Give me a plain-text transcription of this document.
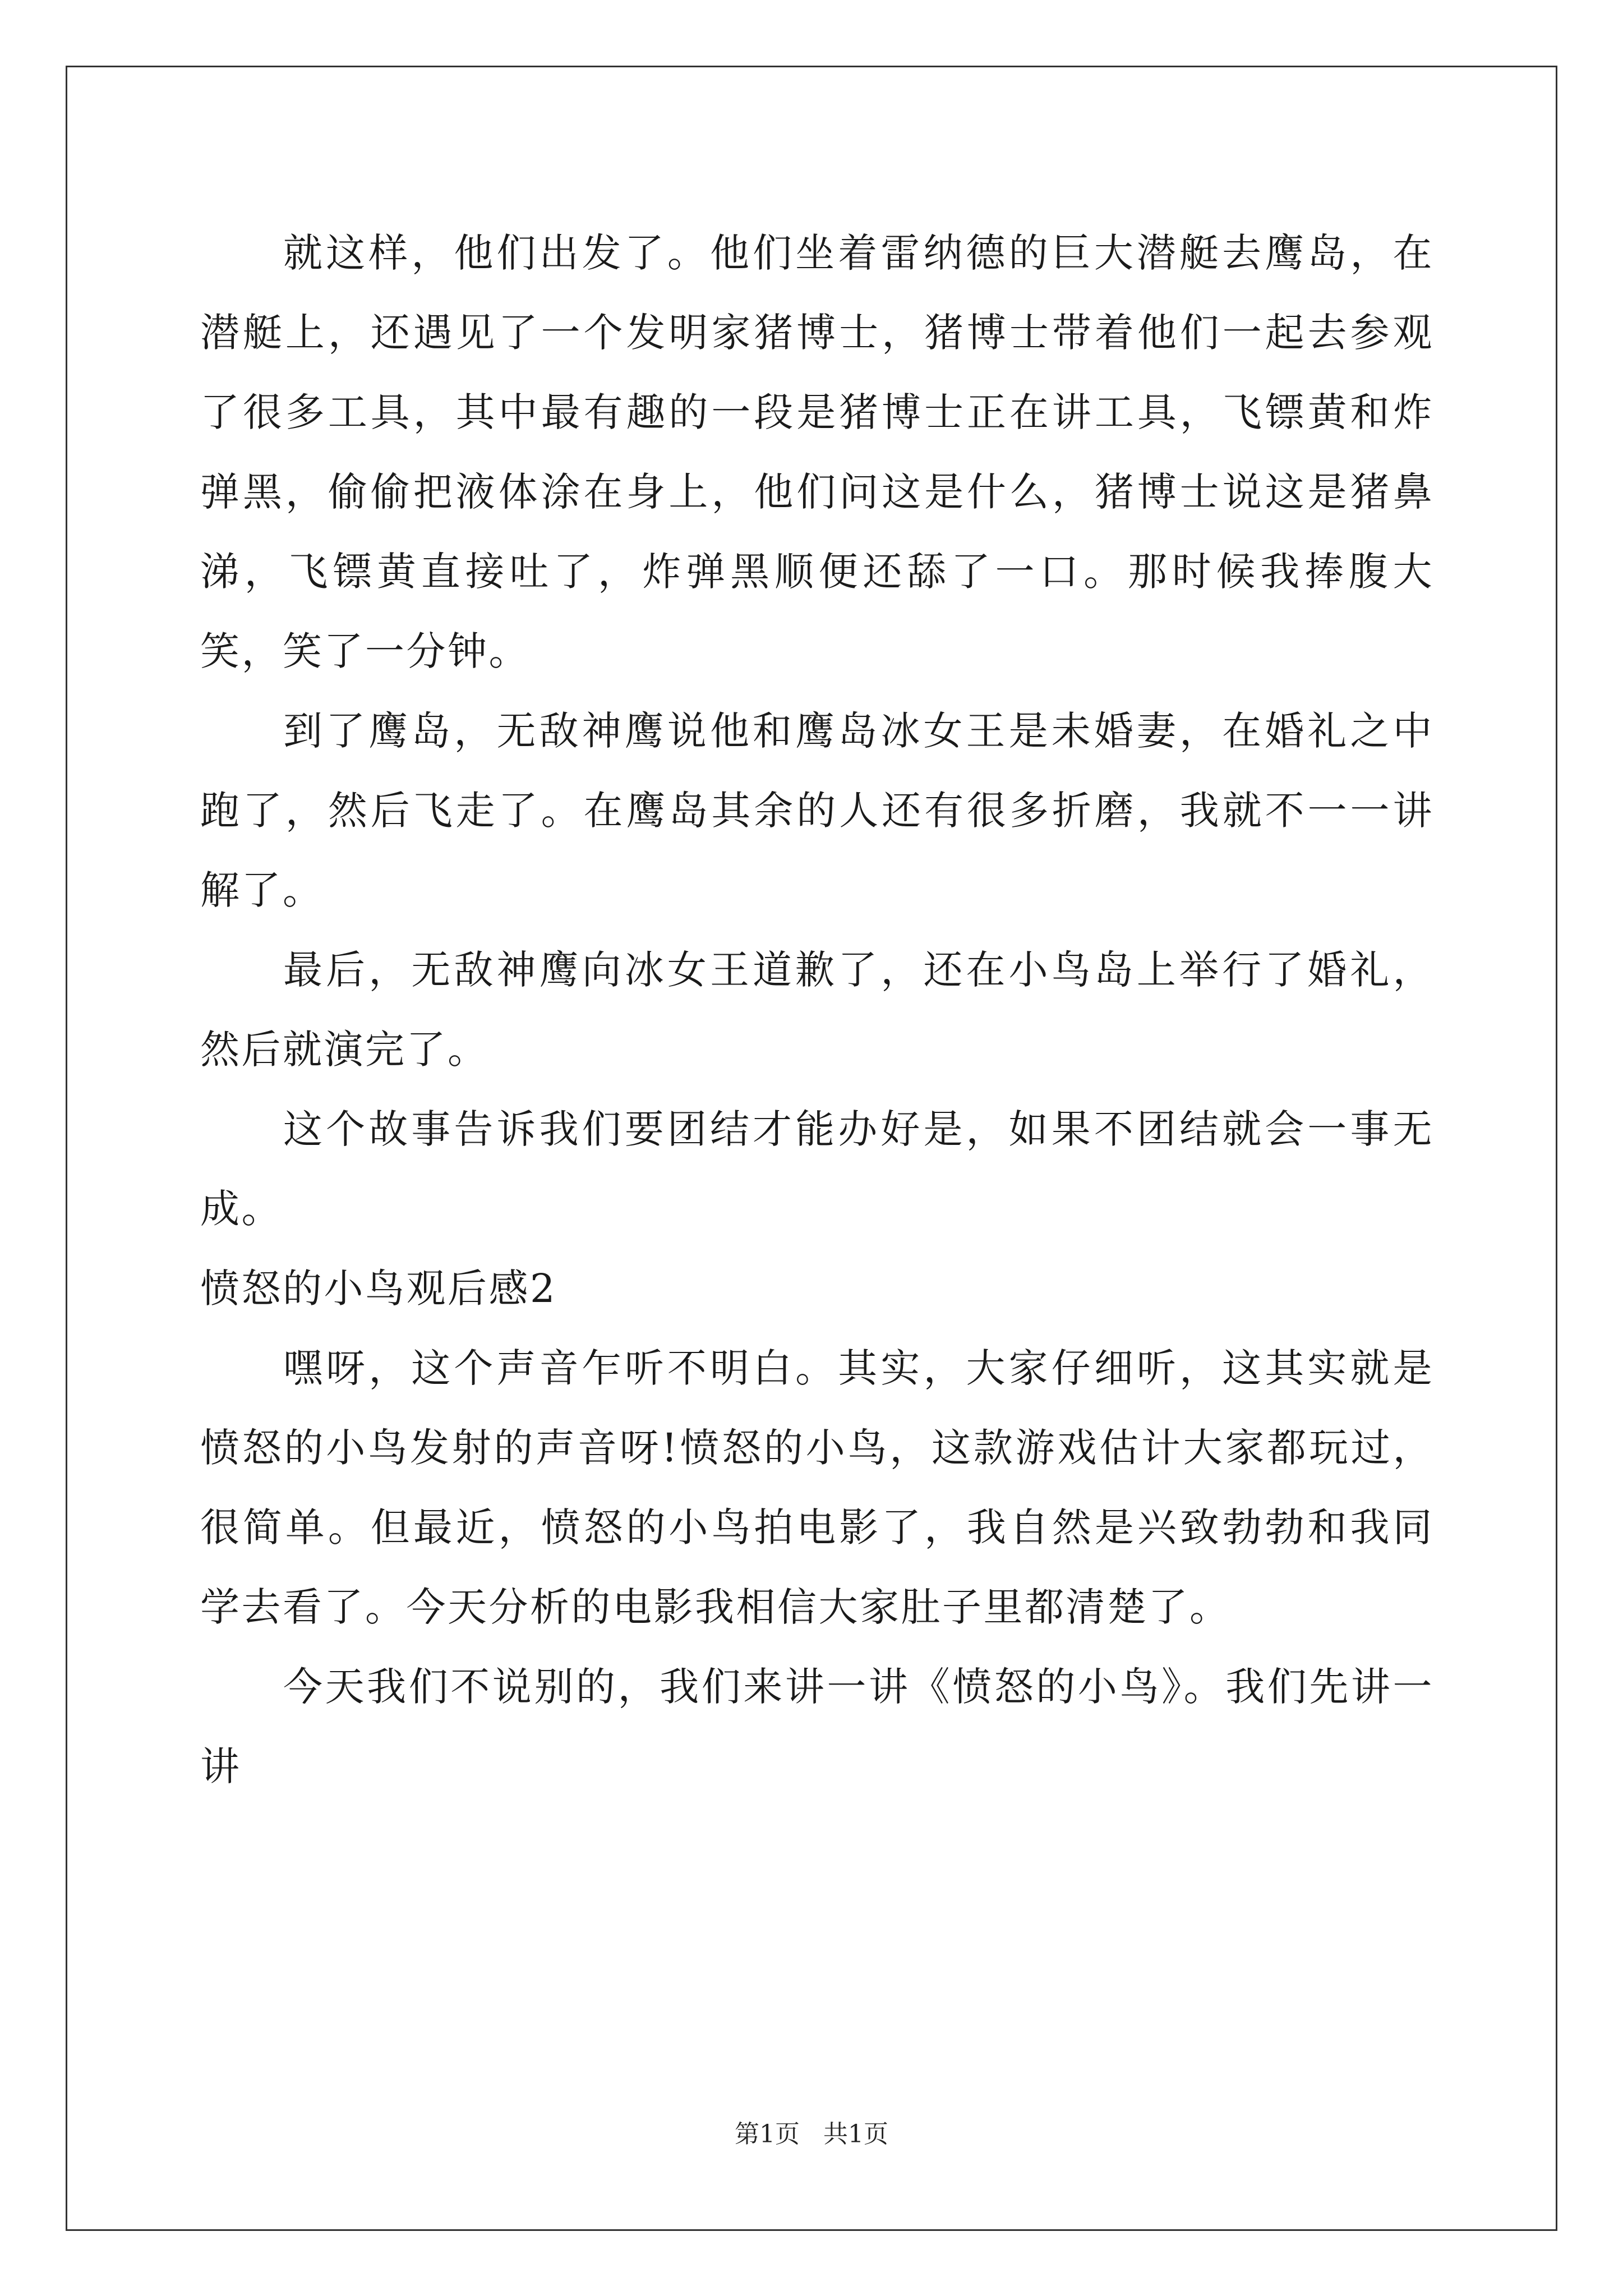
就这样，他们出发了。他们坐着雷纳德的巨大潜艇去鹰岛，在潜艇上，还遇见了一个发明家猪博士，猪博士带着他们一起去参观了很多工具，其中最有趣的一段是猪博士正在讲工具，飞镖黄和炸弹黑，偷偷把液体涂在身上，他们问这是什么，猪博士说这是猪鼻涕，飞镖黄直接吐了，炸弹黑顺便还舔了一口。那时候我捧腹大笑，笑了一分钟。

到了鹰岛，无敌神鹰说他和鹰岛冰女王是未婚妻，在婚礼之中跑了，然后飞走了。在鹰岛其余的人还有很多折磨，我就不一一讲解了。

最后，无敌神鹰向冰女王道歉了，还在小鸟岛上举行了婚礼，然后就演完了。

这个故事告诉我们要团结才能办好是，如果不团结就会一事无成。

愤怒的小鸟观后感2

嘿呀，这个声音乍听不明白。其实，大家仔细听，这其实就是愤怒的小鸟发射的声音呀!愤怒的小鸟，这款游戏估计大家都玩过，很简单。但最近，愤怒的小鸟拍电影了，我自然是兴致勃勃和我同学去看了。今天分析的电影我相信大家肚子里都清楚了。

今天我们不说别的，我们来讲一讲《愤怒的小鸟》。我们先讲一讲

第1页 共1页
